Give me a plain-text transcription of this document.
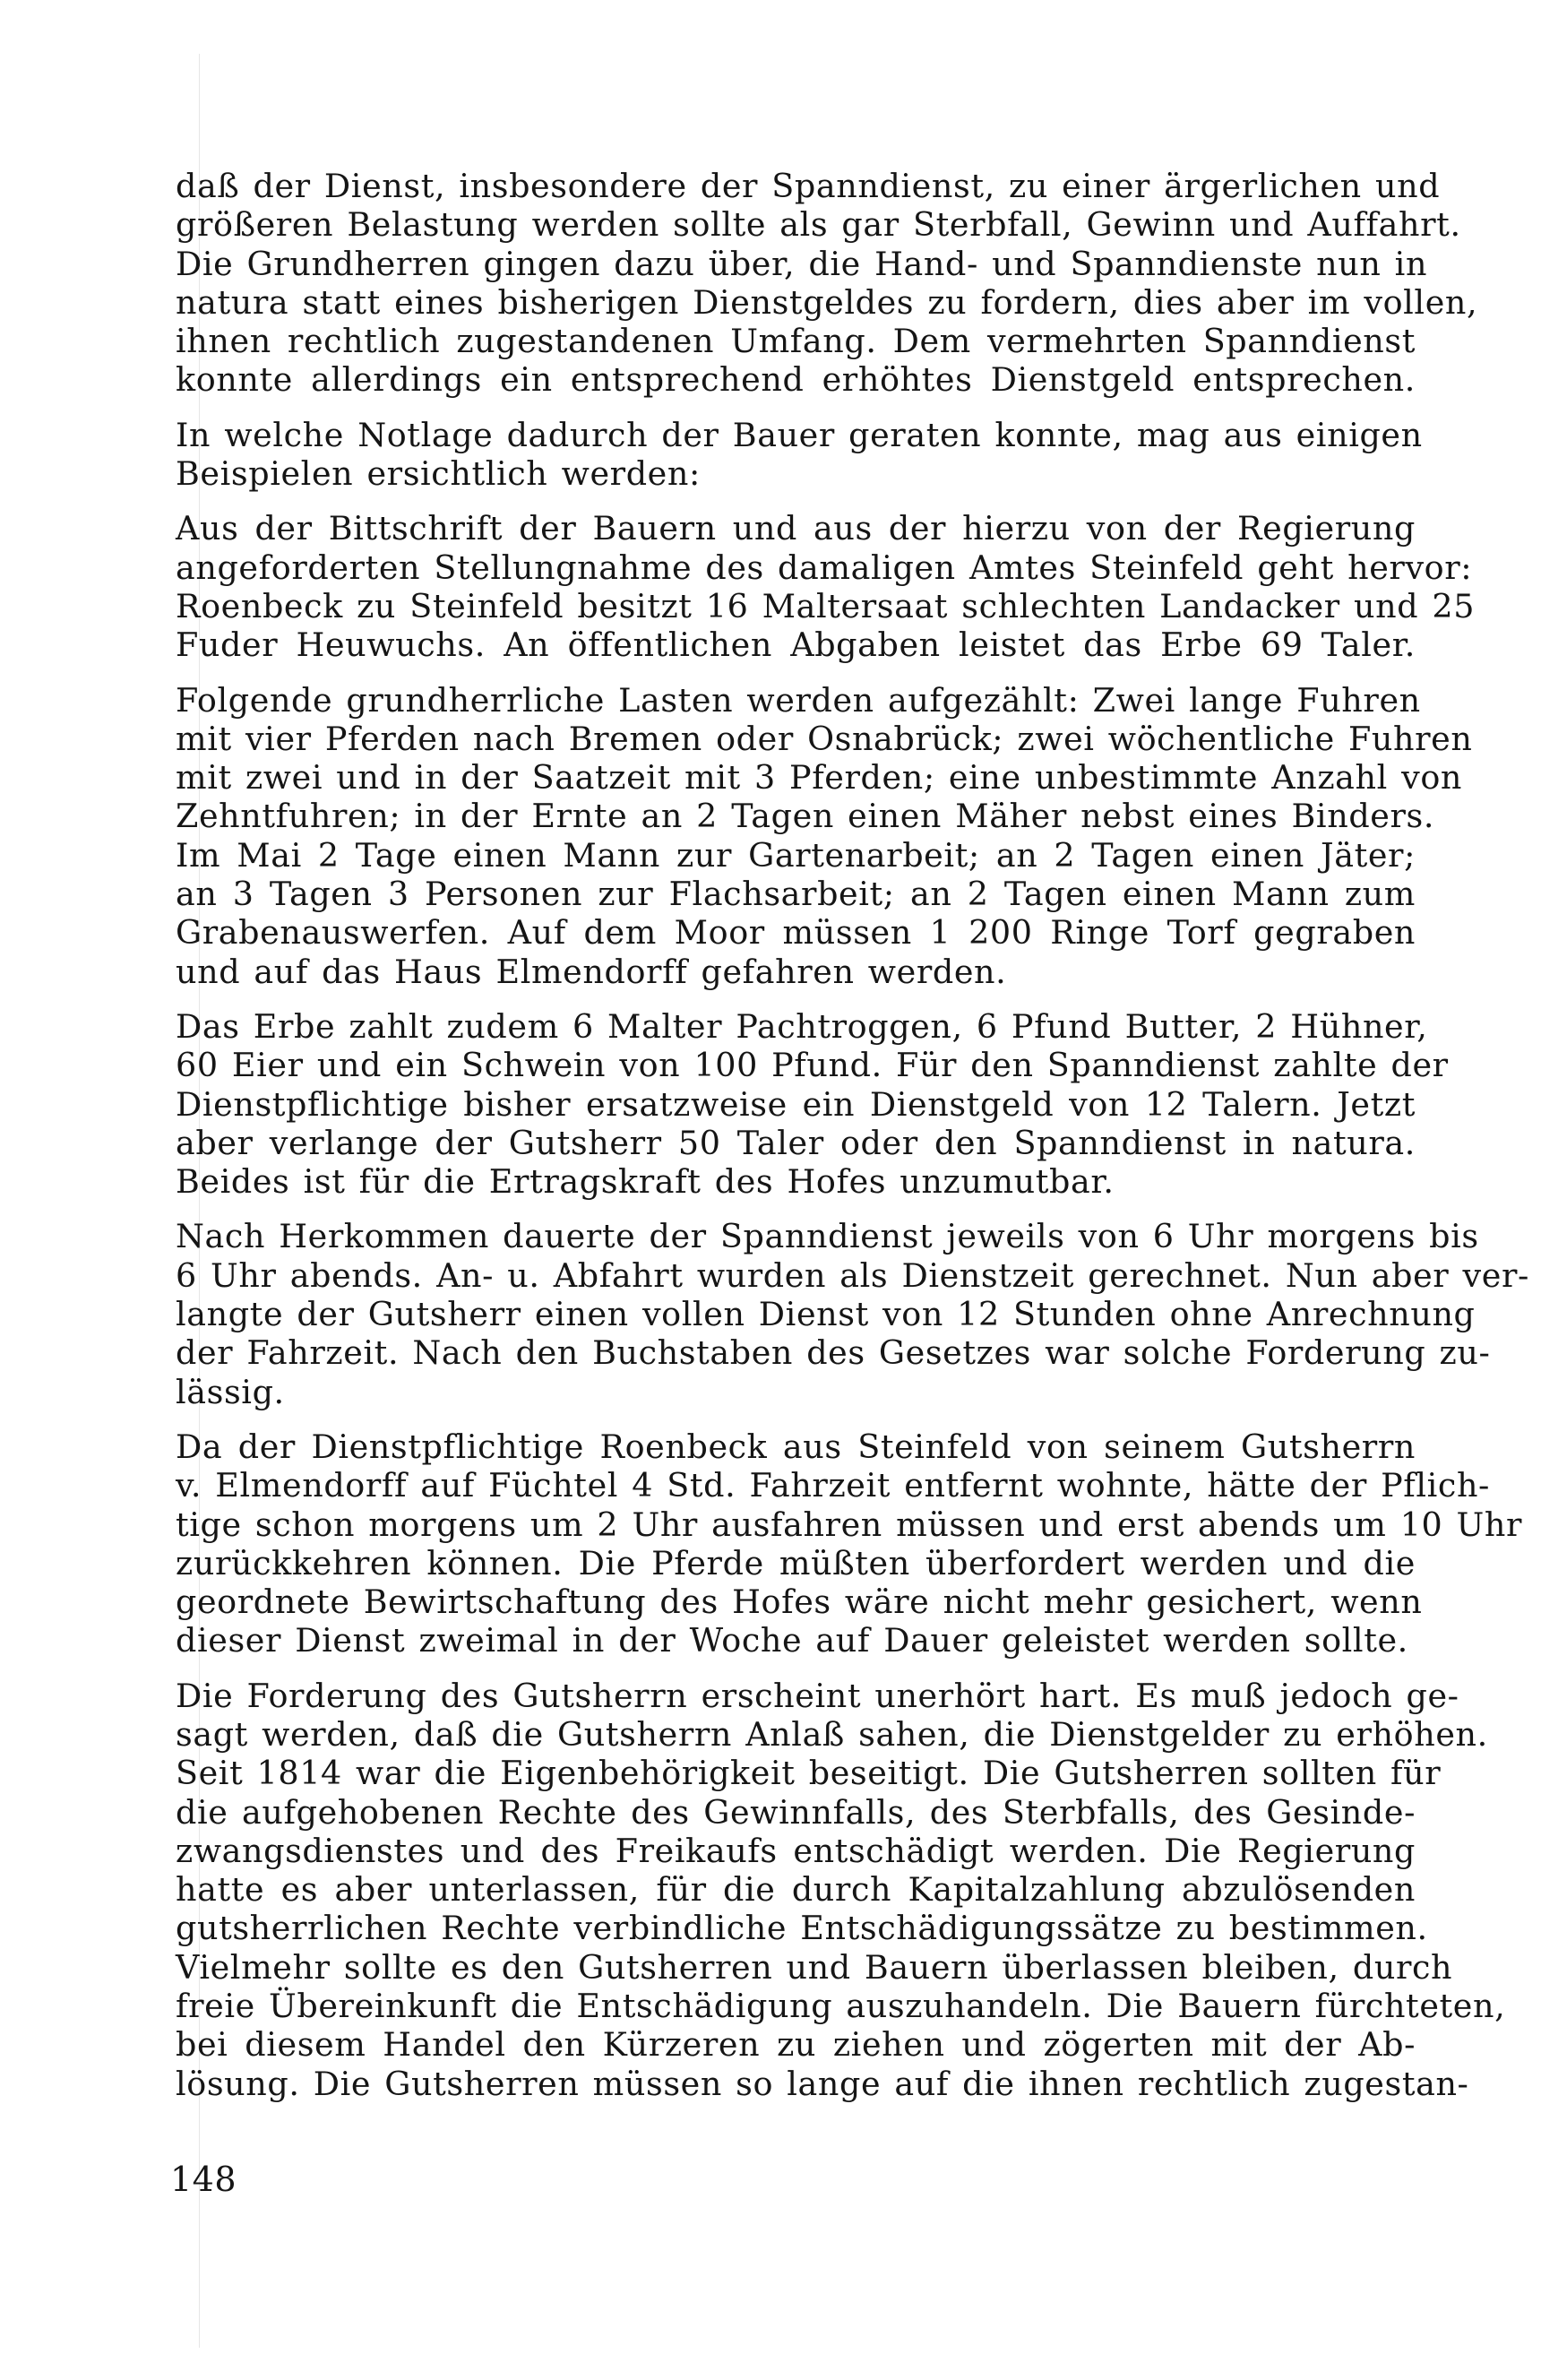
daß der Dienst, insbesondere der Spanndienst, zu einer ärgerlichen und
größeren Belastung werden sollte als gar Sterbfall, Gewinn und Auffahrt.
Die Grundherren gingen dazu über, die Hand- und Spanndienste nun in
natura statt eines bisherigen Dienstgeldes zu fordern, dies aber im vollen,
ihnen rechtlich zugestandenen Umfang. Dem vermehrten Spanndienst
konnte allerdings ein entsprechend erhöhtes Dienstgeld entsprechen.

In welche Notlage dadurch der Bauer geraten konnte, mag aus einigen
Beispielen ersichtlich werden:

Aus der Bittschrift der Bauern und aus der hierzu von der Regierung
angeforderten Stellungnahme des damaligen Amtes Steinfeld geht hervor:
Roenbeck zu Steinfeld besitzt 16 Maltersaat schlechten Landacker und 25
Fuder Heuwuchs. An öffentlichen Abgaben leistet das Erbe 69 Taler.

Folgende grundherrliche Lasten werden aufgezählt: Zwei lange Fuhren
mit vier Pferden nach Bremen oder Osnabrück; zwei wöchentliche Fuhren
mit zwei und in der Saatzeit mit 3 Pferden; eine unbestimmte Anzahl von
Zehntfuhren; in der Ernte an 2 Tagen einen Mäher nebst eines Binders.
Im Mai 2 Tage einen Mann zur Gartenarbeit; an 2 Tagen einen Jäter;
an 3 Tagen 3 Personen zur Flachsarbeit; an 2 Tagen einen Mann zum
Grabenauswerfen. Auf dem Moor müssen 1 200 Ringe Torf gegraben
und auf das Haus Elmendorff gefahren werden.

Das Erbe zahlt zudem 6 Malter Pachtroggen, 6 Pfund Butter, 2 Hühner,
60 Eier und ein Schwein von 100 Pfund. Für den Spanndienst zahlte der
Dienstpflichtige bisher ersatzweise ein Dienstgeld von 12 Talern. Jetzt
aber verlange der Gutsherr 50 Taler oder den Spanndienst in natura.
Beides ist für die Ertragskraft des Hofes unzumutbar.

Nach Herkommen dauerte der Spanndienst jeweils von 6 Uhr morgens bis
6 Uhr abends. An- u. Abfahrt wurden als Dienstzeit gerechnet. Nun aber ver-
langte der Gutsherr einen vollen Dienst von 12 Stunden ohne Anrechnung
der Fahrzeit. Nach den Buchstaben des Gesetzes war solche Forderung zu-
lässig.

Da der Dienstpflichtige Roenbeck aus Steinfeld von seinem Gutsherrn
v. Elmendorff auf Füchtel 4 Std. Fahrzeit entfernt wohnte, hätte der Pflich-
tige schon morgens um 2 Uhr ausfahren müssen und erst abends um 10 Uhr
zurückkehren können. Die Pferde müßten überfordert werden und die
geordnete Bewirtschaftung des Hofes wäre nicht mehr gesichert, wenn
dieser Dienst zweimal in der Woche auf Dauer geleistet werden sollte.

Die Forderung des Gutsherrn erscheint unerhört hart. Es muß jedoch ge-
sagt werden, daß die Gutsherrn Anlaß sahen, die Dienstgelder zu erhöhen.
Seit 1814 war die Eigenbehörigkeit beseitigt. Die Gutsherren sollten für
die aufgehobenen Rechte des Gewinnfalls, des Sterbfalls, des Gesinde-
zwangsdienstes und des Freikaufs entschädigt werden. Die Regierung
hatte es aber unterlassen, für die durch Kapitalzahlung abzulösenden
gutsherrlichen Rechte verbindliche Entschädigungssätze zu bestimmen.
Vielmehr sollte es den Gutsherren und Bauern überlassen bleiben, durch
freie Übereinkunft die Entschädigung auszuhandeln. Die Bauern fürchteten,
bei diesem Handel den Kürzeren zu ziehen und zögerten mit der Ab-
lösung. Die Gutsherren müssen so lange auf die ihnen rechtlich zugestan-

148
